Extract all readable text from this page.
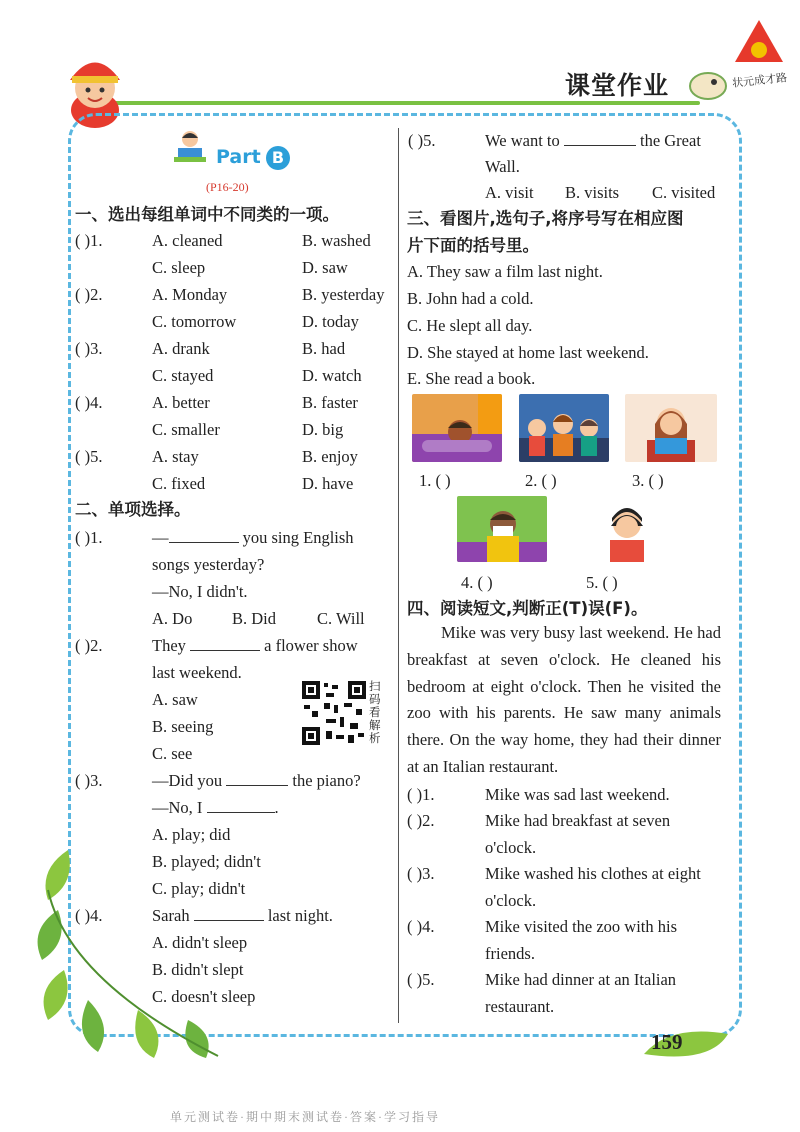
课堂作业	状元成才路
Part B
(P16-20)
一、选出每组单词中不同类的一项。
( )1.	A. cleaned	B. washed
C. sleep	D. saw
( )2.	A. Monday	B. yesterday
C. tomorrow	D. today
( )3.	A. drank	B. had
C. stayed	D. watch
( )4.	A. better	B. faster
C. smaller	D. big
( )5.	A. stay	B. enjoy
C. fixed	D. have
二、单项选择。
( )1.	—	you sing English
songs yesterday?
—No, I didn't.
A. Do B. Did C. Will
( )2.	They	a flower show
last weekend.
A. saw
B. seeing
C. see
扫码看解析
( )3.	—Did you	the piano?
—No, I	.
A. play; did
B. played; didn't
C. play; didn't
( )4.	Sarah	last night.
A. didn't sleep
B. didn't slept
C. doesn't sleep
( )5.	We want to	the Great
Wall.
A. visit B. visits C. visited
三、看图片,选句子,将序号写在相应图
片下面的括号里。
A. They saw a film last night.
B. John had a cold.
C. He slept all day.
D. She stayed at home last weekend.
E. She read a book.
1. ( )	2. ( )	3. ( )
4. ( )	5. ( )
四、阅读短文,判断正(T)误(F)。
Mike was very busy last weekend. He had breakfast at seven o'clock. He cleaned his bedroom at eight o'clock. Then he visited the zoo with his parents. He saw many animals there. On the way home, they had their dinner at an Italian restaurant.
( )1.	Mike was sad last weekend.
( )2.	Mike had breakfast at seven
o'clock.
( )3.	Mike washed his clothes at eight
o'clock.
( )4.	Mike visited the zoo with his
friends.
( )5.	Mike had dinner at an Italian
restaurant.
159
单元测试卷·期中期末测试卷·答案·学习指导
